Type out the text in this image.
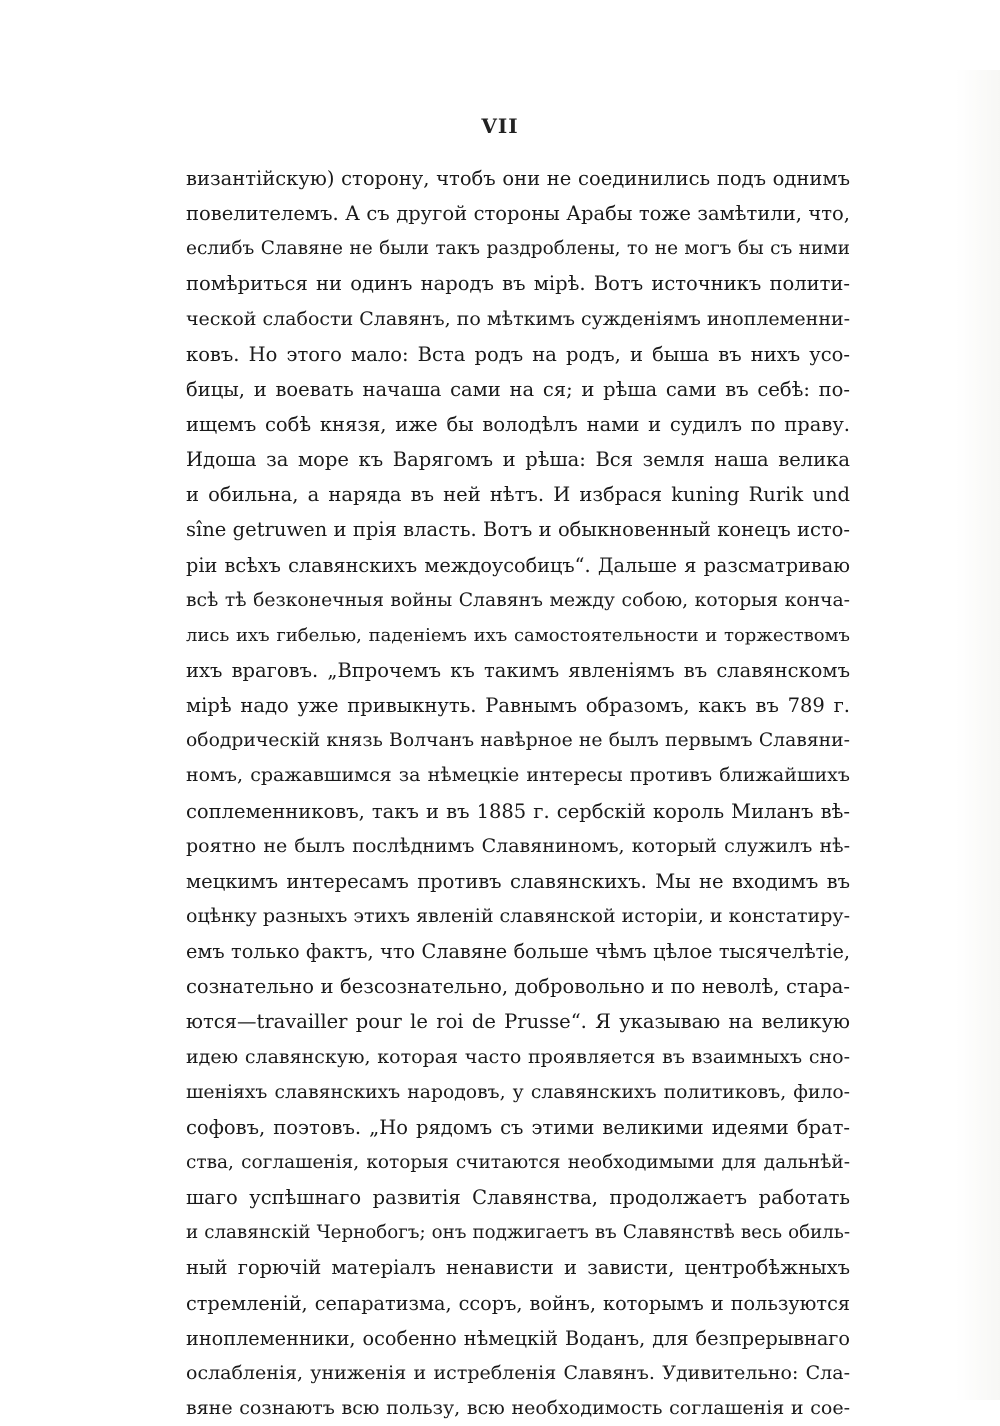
VII
византійскую) сторону, чтобъ они не соединились подъ однимъ
повелителемъ. А съ другой стороны Арабы тоже замѣтили, что,
еслибъ Славяне не были такъ раздроблены, то не могъ бы съ ними
помѣриться ни одинъ народъ въ мірѣ. Вотъ источникъ полити-
ческой слабости Славянъ, по мѣткимъ сужденіямъ иноплеменни-
ковъ. Но этого мало: Вста родъ на родъ, и быша въ нихъ усо-
бицы, и воевать начаша сами на ся; и рѣша сами въ себѣ: по-
ищемъ собѣ князя, иже бы володѣлъ нами и судилъ по праву.
Идоша за море къ Варягомъ и рѣша: Вся земля наша велика
и обильна, а наряда въ ней нѣтъ. И избрася kuning Rurik und
sîne getruwen и прія власть. Вотъ и обыкновенный конецъ исто-
ріи всѣхъ славянскихъ междоусобицъ“. Дальше я разсматриваю
всѣ тѣ безконечныя войны Славянъ между собою, которыя конча-
лись ихъ гибелью, паденіемъ ихъ самостоятельности и торжествомъ
ихъ враговъ. „Впрочемъ къ такимъ явленіямъ въ славянскомъ
мірѣ надо уже привыкнуть. Равнымъ образомъ, какъ въ 789 г.
ободрическій князь Волчанъ навѣрное не былъ первымъ Славяни-
номъ, сражавшимся за нѣмецкіе интересы противъ ближайшихъ
соплеменниковъ, такъ и въ 1885 г. сербскій король Миланъ вѣ-
роятно не былъ послѣднимъ Славяниномъ, который служилъ нѣ-
мецкимъ интересамъ противъ славянскихъ. Мы не входимъ въ
оцѣнку разныхъ этихъ явленій славянской исторіи, и констатиру-
емъ только фактъ, что Славяне больше чѣмъ цѣлое тысячелѣтіе,
сознательно и безсознательно, добровольно и по неволѣ, стара-
ются—travailler pour le roi de Prusse“. Я указываю на великую
идею славянскую, которая часто проявляется въ взаимныхъ сно-
шеніяхъ славянскихъ народовъ, у славянскихъ политиковъ, фило-
софовъ, поэтовъ. „Но рядомъ съ этими великими идеями брат-
ства, соглашенія, которыя считаются необходимыми для дальнѣй-
шаго успѣшнаго развитія Славянства, продолжаетъ работать
и славянскій Чернобогъ; онъ поджигаетъ въ Славянствѣ весь обиль-
ный горючій матеріалъ ненависти и зависти, центробѣжныхъ
стремленій, сепаратизма, ссоръ, войнъ, которымъ и пользуются
иноплеменники, особенно нѣмецкій Воданъ, для безпрерывнаго
ослабленія, униженія и истребленія Славянъ. Удивительно: Сла-
вяне сознаютъ всю пользу, всю необходимость соглашенія и сое-
